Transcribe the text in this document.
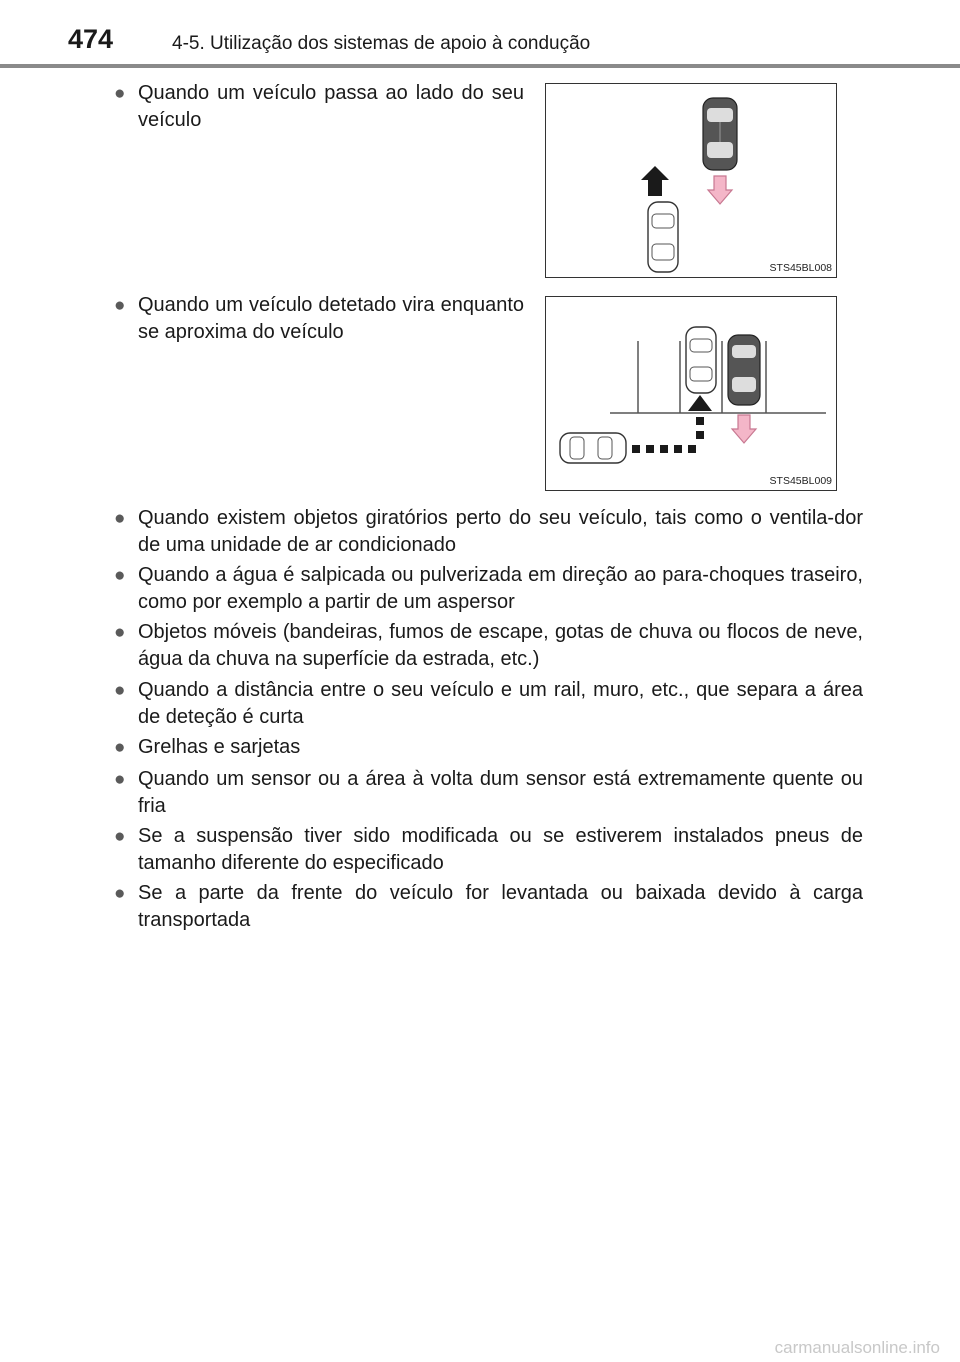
474	4-5. Utilização dos sistemas de apoio à condução
● Quando um veículo passa ao lado do seu veículo
STS45BL008
● Quando um veículo detetado vira enquanto se aproxima do veículo
STS45BL009
● Quando existem objetos giratórios perto do seu veículo, tais como o ventila-dor de uma unidade de ar condicionado
● Quando a água é salpicada ou pulverizada em direção ao para-choques traseiro, como por exemplo a partir de um aspersor
● Objetos móveis (bandeiras, fumos de escape, gotas de chuva ou flocos de neve, água da chuva na superfície da estrada, etc.)
● Quando a distância entre o seu veículo e um rail, muro, etc., que separa a área de deteção é curta
● Grelhas e sarjetas
● Quando um sensor ou a área à volta dum sensor está extremamente quente ou fria
● Se a suspensão tiver sido modificada ou se estiverem instalados pneus de tamanho diferente do especificado
● Se a parte da frente do veículo for levantada ou baixada devido à carga transportada
carmanualsonline.info
